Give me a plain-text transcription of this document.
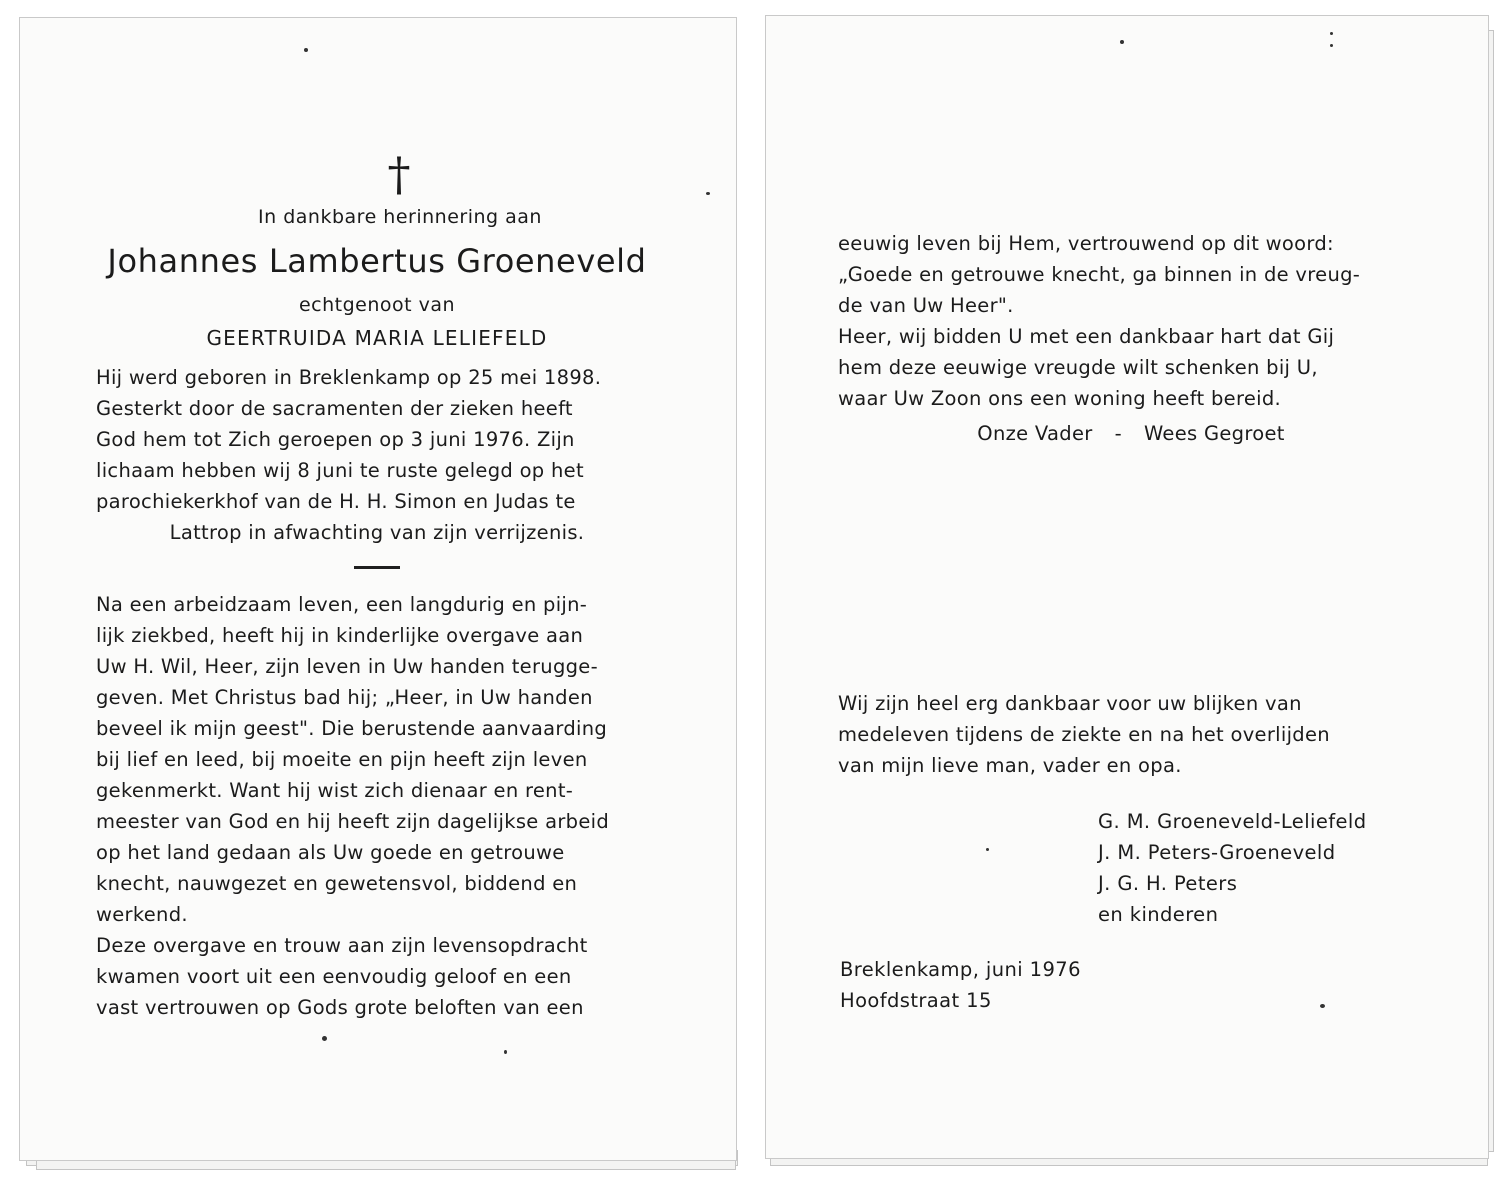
†
In dankbare herinnering aan
Johannes Lambertus Groeneveld
echtgenoot van
GEERTRUIDA MARIA LELIEFELD

Hij werd geboren in Breklenkamp op 25 mei 1898.

Gesterkt door de sacramenten der zieken heeft

God hem tot Zich geroepen op 3 juni 1976. Zijn

lichaam hebben wij 8 juni te ruste gelegd op het

parochiekerkhof van de H. H. Simon en Judas te

Lattrop in afwachting van zijn verrijzenis.

Na een arbeidzaam leven, een langdurig en pijn-

lijk ziekbed, heeft hij in kinderlijke overgave aan

Uw H. Wil, Heer, zijn leven in Uw handen terugge-

geven. Met Christus bad hij; „Heer, in Uw handen

beveel ik mijn geest". Die berustende aanvaarding

bij lief en leed, bij moeite en pijn heeft zijn leven

gekenmerkt. Want hij wist zich dienaar en rent-

meester van God en hij heeft zijn dagelijkse arbeid

op het land gedaan als Uw goede en getrouwe

knecht, nauwgezet en gewetensvol, biddend en

werkend.

Deze overgave en trouw aan zijn levensopdracht

kwamen voort uit een eenvoudig geloof en een

vast vertrouwen op Gods grote beloften van een

eeuwig leven bij Hem, vertrouwend op dit woord:

„Goede en getrouwe knecht, ga binnen in de vreug-

de van Uw Heer".

Heer, wij bidden U met een dankbaar hart dat Gij

hem deze eeuwige vreugde wilt schenken bij U,

waar Uw Zoon ons een woning heeft bereid.

Onze Vader - Wees Gegroet

Wij zijn heel erg dankbaar voor uw blijken van

medeleven tijdens de ziekte en na het overlijden

van mijn lieve man, vader en opa.

G. M. Groeneveld-Leliefeld
J. M. Peters-Groeneveld
J. G. H. Peters
en kinderen
Breklenkamp, juni 1976
Hoofdstraat 15
